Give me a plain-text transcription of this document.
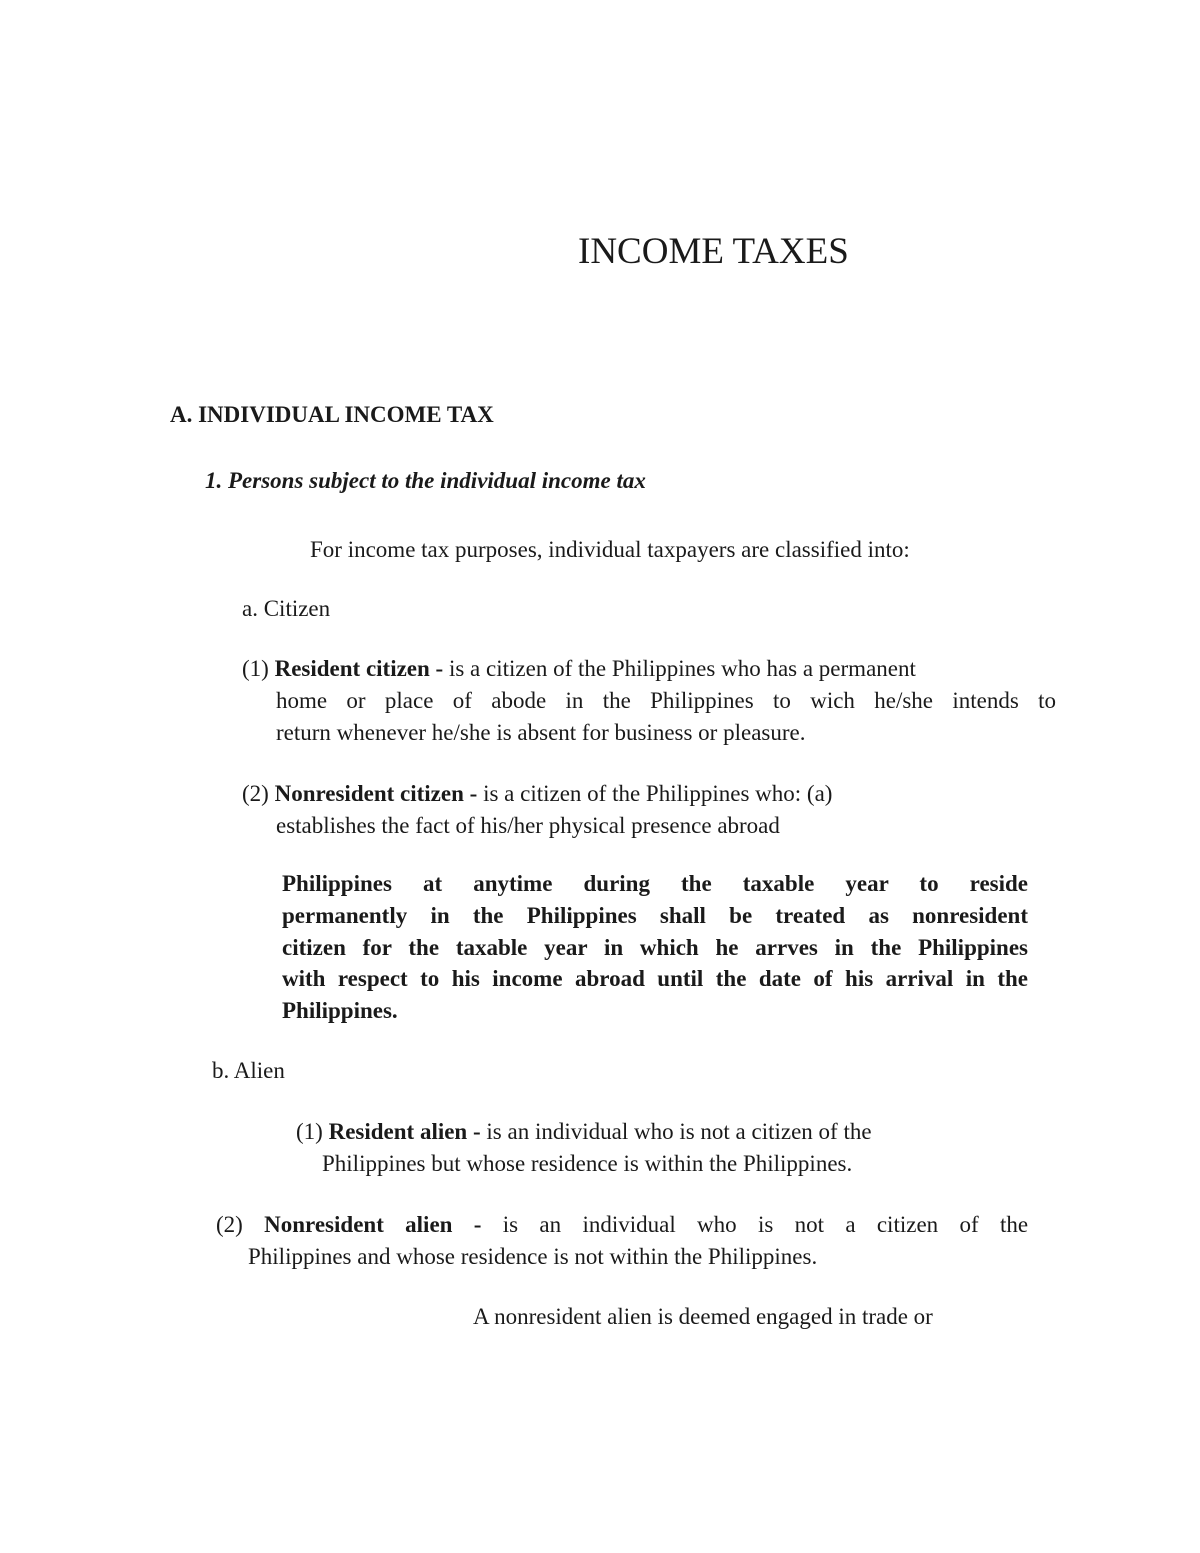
INCOME TAXES
A. INDIVIDUAL INCOME TAX
1. Persons subject to the individual income tax
For income tax purposes, individual taxpayers are classified into:
a. Citizen
(1) Resident citizen - is a citizen of the Philippines who has a permanent
home or place of abode in the Philippines to wich he/she intends to
return whenever he/she is absent for business or pleasure.
(2) Nonresident citizen - is a citizen of the Philippines who: (a)
establishes the fact of his/her physical presence abroad
Philippines at anytime during the taxable year to reside
permanently in the Philippines shall be treated as nonresident
citizen for the taxable year in which he arrves in the Philippines
with respect to his income abroad until the date of his arrival in the
Philippines.
b. Alien
(1) Resident alien - is an individual who is not a citizen of the
Philippines but whose residence is within the Philippines.
(2) Nonresident alien - is an individual who is not a citizen of the
Philippines and whose residence is not within the Philippines.
A nonresident alien is deemed engaged in trade or
